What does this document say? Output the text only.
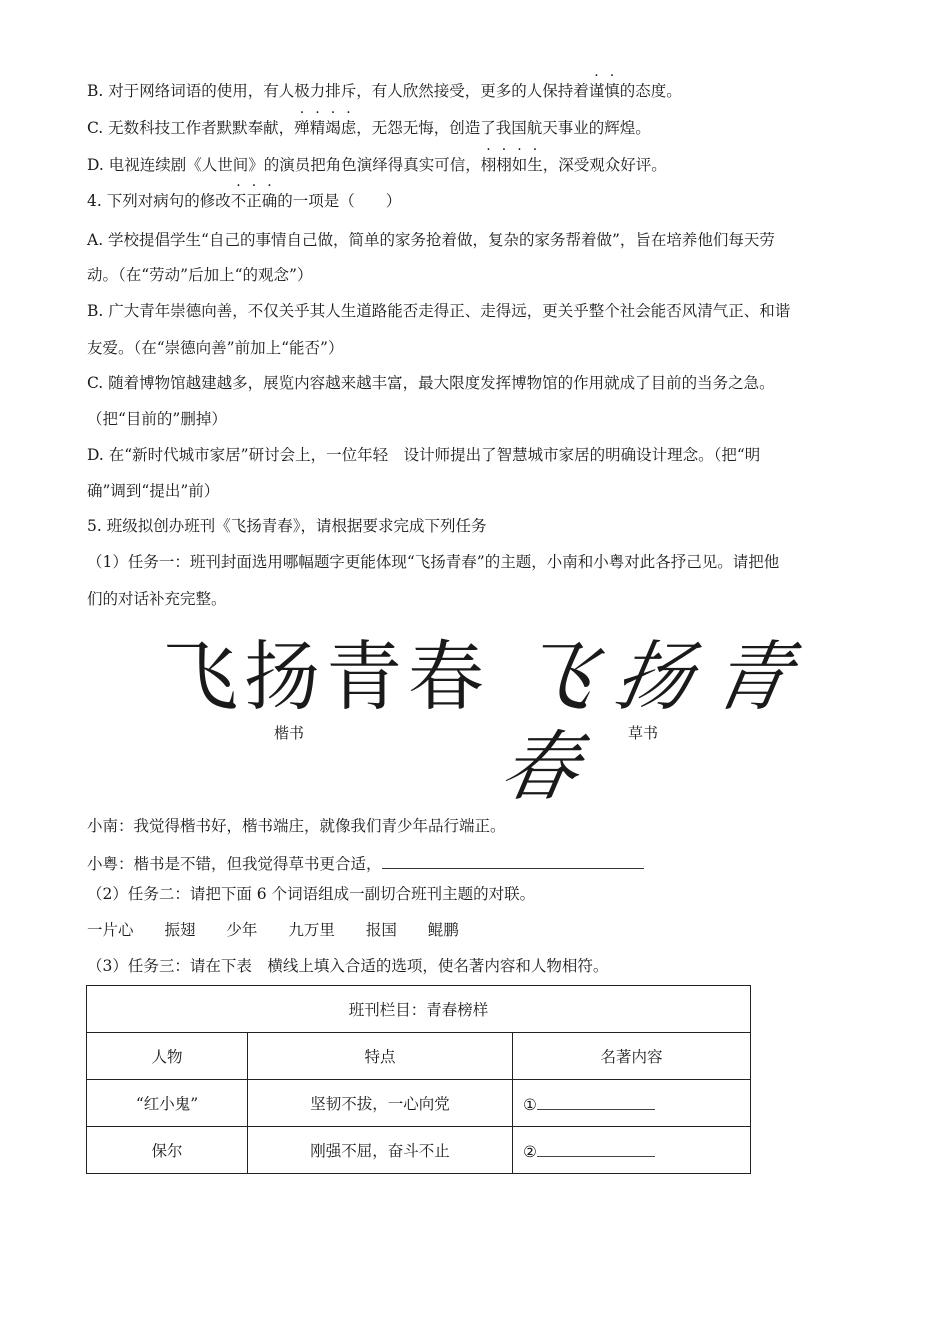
B. 对于网络词语的使用，有人极力排斥，有人欣然接受，更多的人保持着谨慎的态度。
C. 无数科技工作者默默奉献，殚精竭虑，无怨无悔，创造了我国航天事业的辉煌。
D. 电视连续剧《人世间》的演员把角色演绎得真实可信，栩栩如生，深受观众好评。
4. 下列对病句的修改不正确的一项是（　　）
A. 学校提倡学生“自己的事情自己做，简单的家务抢着做，复杂的家务帮着做”，旨在培养他们每天劳
动。（在“劳动”后加上“的观念”）
B. 广大青年崇德向善，不仅关乎其人生道路能否走得正、走得远，更关乎整个社会能否风清气正、和谐
友爱。（在“崇德向善”前加上“能否”）
C. 随着博物馆越建越多，展览内容越来越丰富，最大限度发挥博物馆的作用就成了目前的当务之急。
（把“目前的”删掉）
D. 在“新时代城市家居”研讨会上，一位年轻　设计师提出了智慧城市家居的明确设计理念。（把“明
确”调到“提出”前）
5. 班级拟创办班刊《飞扬青春》，请根据要求完成下列任务
（1）任务一：班刊封面选用哪幅题字更能体现“飞扬青春”的主题，小南和小粤对此各抒己见。请把他
们的对话补充完整。
飞扬青春 飞扬青春
楷书	草书
小南：我觉得楷书好，楷书端庄，就像我们青少年品行端正。
小粤：楷书是不错，但我觉得草书更合适，
（2）任务二：请把下面 6 个词语组成一副切合班刊主题的对联。
一片心 振翅 少年 九万里 报国 鲲鹏
（3）任务三：请在下表　横线上填入合适的选项，使名著内容和人物相符。
班刊栏目：青春榜样		
人物	特点	名著内容
“红小鬼”	坚韧不拔，一心向党	①
保尔	刚强不屈，奋斗不止	②
